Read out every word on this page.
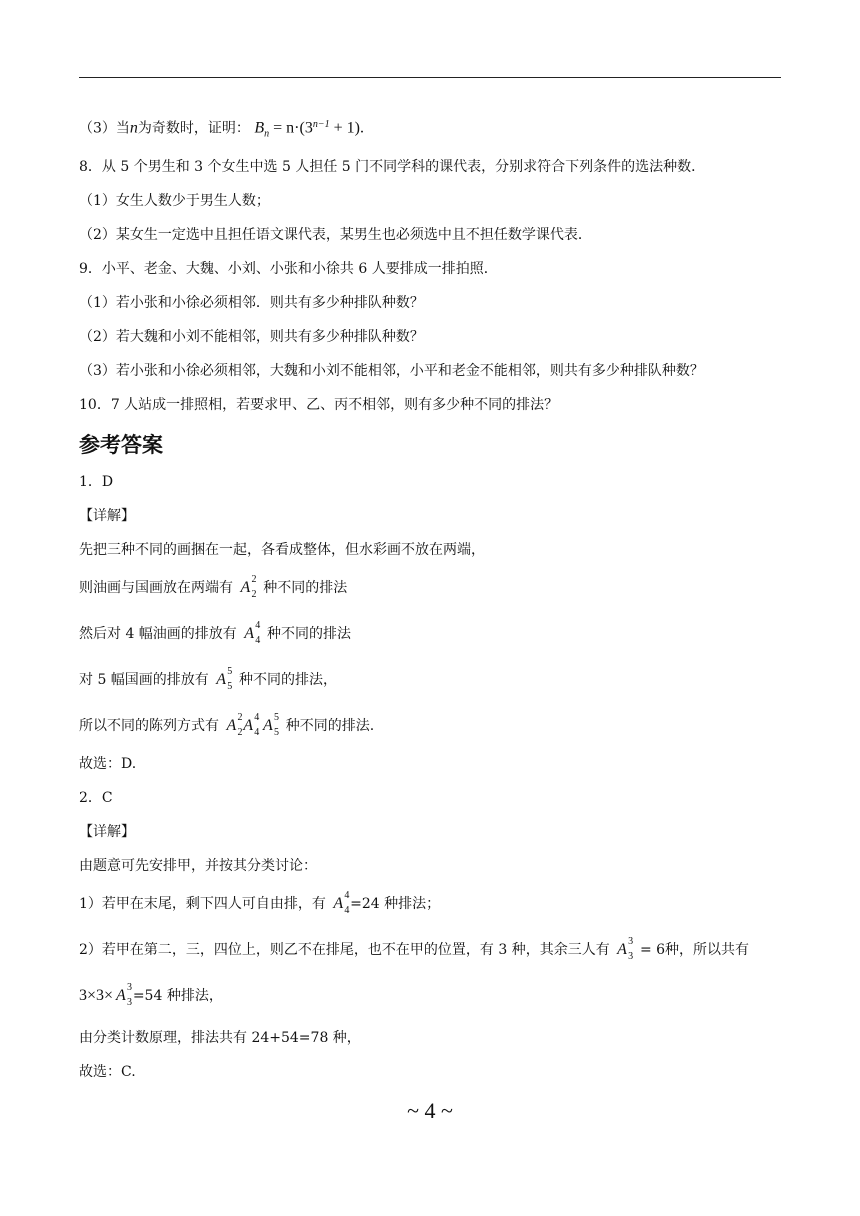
（3）当n为奇数时，证明： $B_n = n\cdot(3^{n-1} + 1)$.
8．从 5 个男生和 3 个女生中选 5 人担任 5 门不同学科的课代表，分别求符合下列条件的选法种数．
（1）女生人数少于男生人数；
（2）某女生一定选中且担任语文课代表，某男生也必须选中且不担任数学课代表．
9．小平、老金、大魏、小刘、小张和小徐共 6 人要排成一排拍照．
（1）若小张和小徐必须相邻．则共有多少种排队种数？
（2）若大魏和小刘不能相邻，则共有多少种排队种数？
（3）若小张和小徐必须相邻，大魏和小刘不能相邻，小平和老金不能相邻，则共有多少种排队种数？
10．7 人站成一排照相，若要求甲、乙、丙不相邻，则有多少种不同的排法？
参考答案
1．D
【详解】
先把三种不同的画捆在一起，各看成整体，但水彩画不放在两端，
则油画与国画放在两端有 A 2
2 种不同的排法
然后对 4 幅油画的排放有 A 4
4 种不同的排法
对 5 幅国画的排放有 A 5
5 种不同的排法，
所以不同的陈列方式有 A 2
2 A 4
4 A 5
5 种不同的排法.
故选：D.
2．C
【详解】
由题意可先安排甲，并按其分类讨论：
1）若甲在末尾，剩下四人可自由排，有 A 4
4 =24 种排法；
2）若甲在第二，三，四位上，则乙不在排尾，也不在甲的位置，有 3 种，其余三人有 A 3
3 = 6种，所以共有
3×3× A 3
3 =54 种排法，
由分类计数原理，排法共有 24+54=78 种，
故选：C.
~ 4 ~
